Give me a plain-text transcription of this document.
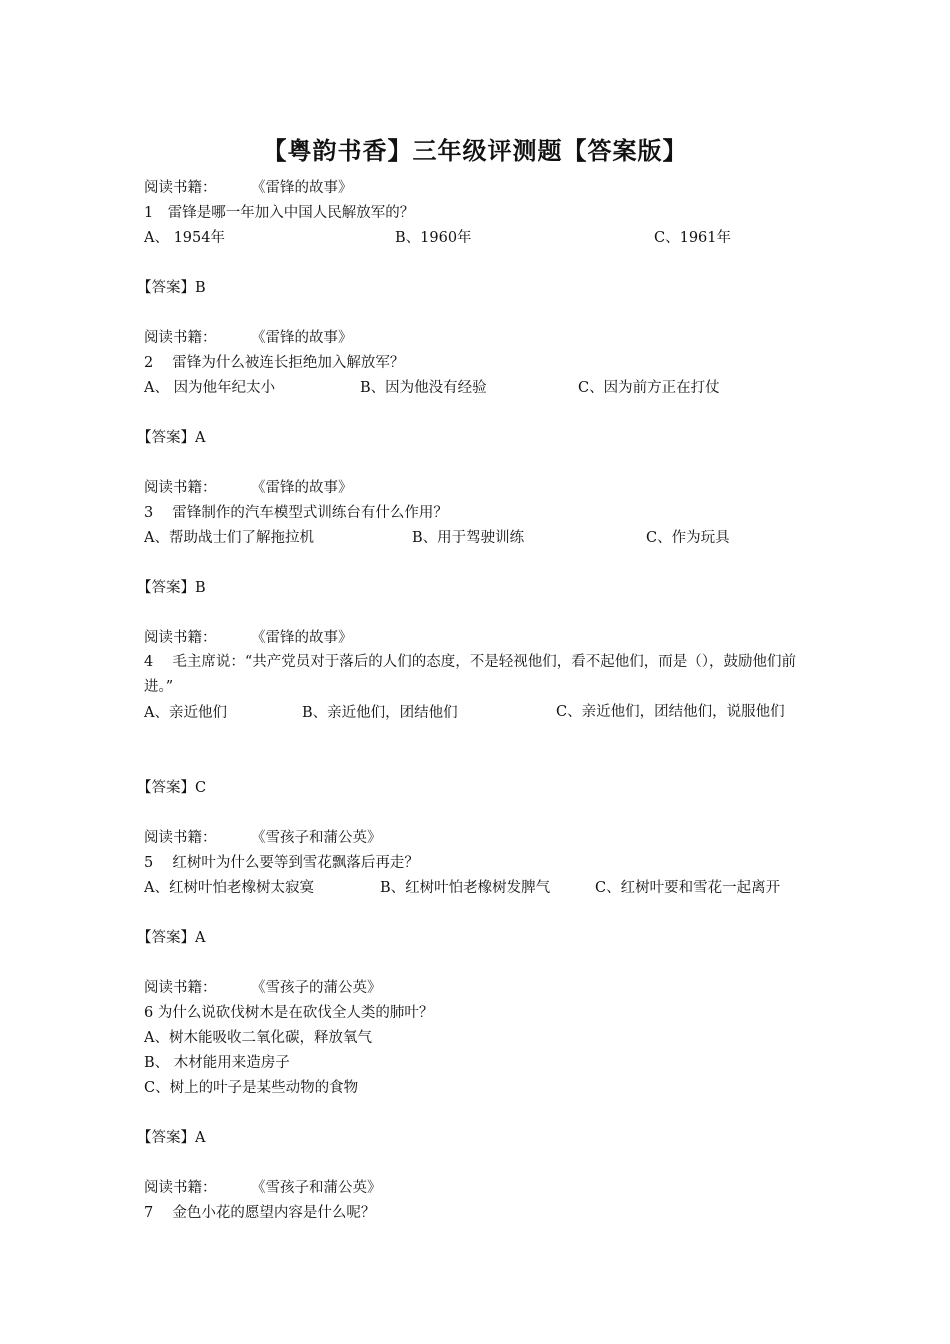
【粤韵书香】三年级评测题【答案版】
阅读书籍： 《雷锋的故事》
1　雷锋是哪一年加入中国人民解放军的？
A、 1954年	B、1960年	C、1961年
【答案】B
阅读书籍： 《雷锋的故事》
2　 雷锋为什么被连长拒绝加入解放军？
A、 因为他年纪太小	B、因为他没有经验	C、因为前方正在打仗
【答案】A
阅读书籍： 《雷锋的故事》
3　 雷锋制作的汽车模型式训练台有什么作用？
A、帮助战士们了解拖拉机	B、用于驾驶训练	C、作为玩具
【答案】B
阅读书籍： 《雷锋的故事》
4　 毛主席说：“共产党员对于落后的人们的态度，不是轻视他们，看不起他们，而是（），鼓励他们前进。”
A、亲近他们	B、亲近他们，团结他们	C、亲近他们，团结他们，说服他们
【答案】C
阅读书籍： 《雪孩子和蒲公英》
5　 红树叶为什么要等到雪花飘落后再走？
A、红树叶怕老橡树太寂寞	B、红树叶怕老橡树发脾气	C、红树叶要和雪花一起离开
【答案】A
阅读书籍： 《雪孩子的蒲公英》
6 为什么说砍伐树木是在砍伐全人类的肺叶？
A、树木能吸收二氧化碳，释放氧气
B、 木材能用来造房子
C、树上的叶子是某些动物的食物
【答案】A
阅读书籍： 《雪孩子和蒲公英》
7　 金色小花的愿望内容是什么呢？
